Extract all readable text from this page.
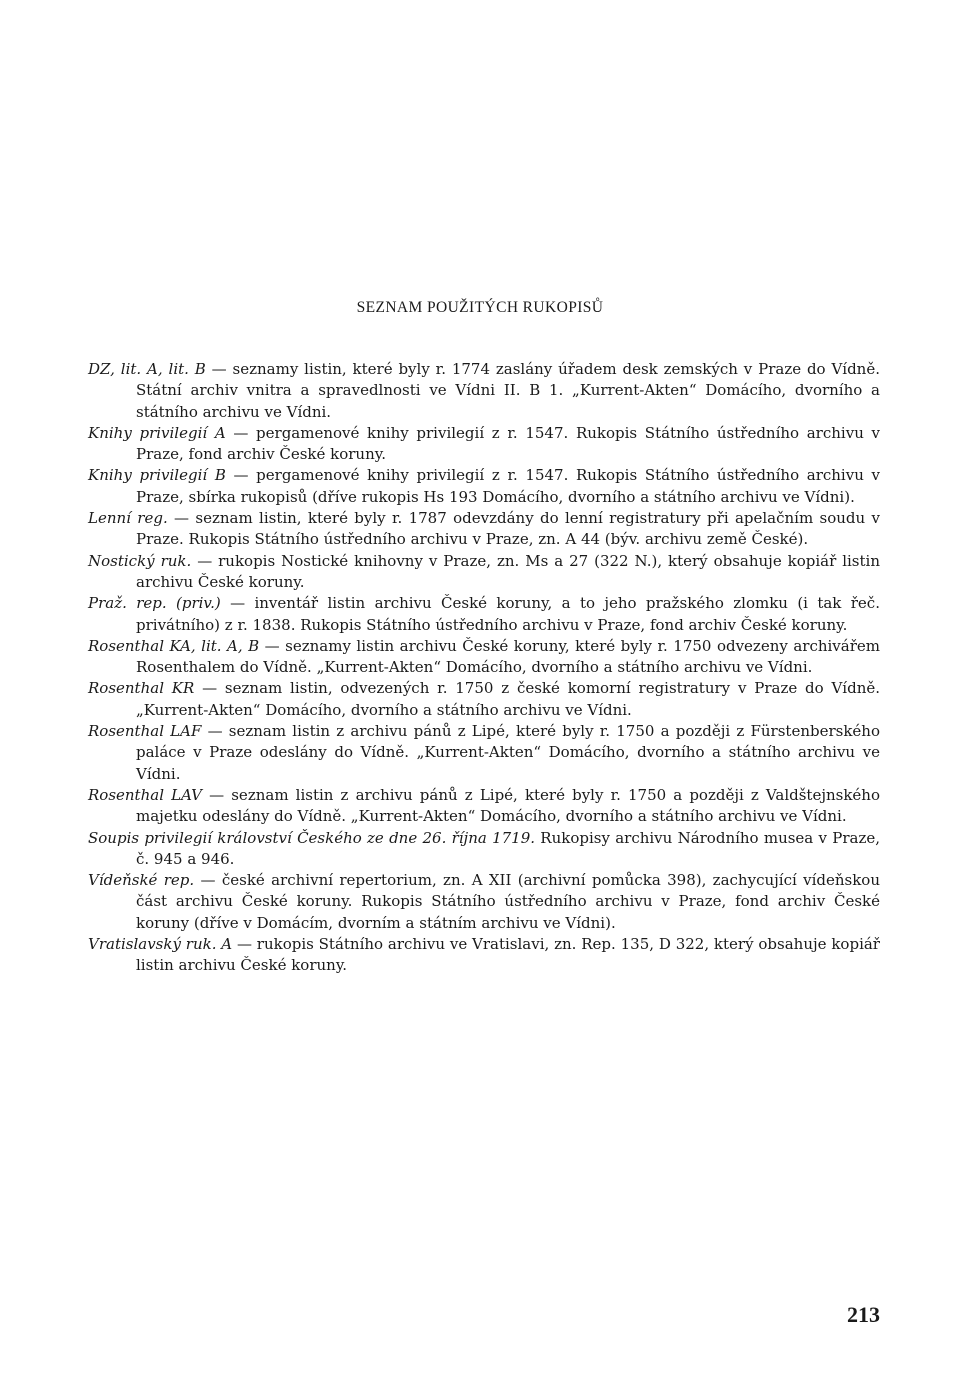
SEZNAM POUŽITÝCH RUKOPISŮ

DZ, lit. A, lit. B — seznamy listin, které byly r. 1774 zaslány úřadem desk zemských v Praze do Vídně. Státní archiv vnitra a spravedlnosti ve Vídni II. B 1. „Kurrent-Akten“ Domácího, dvorního a státního archivu ve Vídni.

Knihy privilegií A — pergamenové knihy privilegií z r. 1547. Rukopis Státního ústředního archivu v Praze, fond archiv České koruny.

Knihy privilegií B — pergamenové knihy privilegií z r. 1547. Rukopis Státního ústředního archivu v Praze, sbírka rukopisů (dříve rukopis Hs 193 Domácího, dvorního a státního archivu ve Vídni).

Lenní reg. — seznam listin, které byly r. 1787 odevzdány do lenní registratury při apelačním soudu v Praze. Rukopis Státního ústředního archivu v Praze, zn. A 44 (býv. archivu země České).

Nostický ruk. — rukopis Nostické knihovny v Praze, zn. Ms a 27 (322 N.), který obsahuje kopiář listin archivu České koruny.

Praž. rep. (priv.) — inventář listin archivu České koruny, a to jeho pražského zlomku (i tak řeč. privátního) z r. 1838. Rukopis Státního ústředního archivu v Praze, fond archiv České koruny.

Rosenthal KA, lit. A, B — seznamy listin archivu České koruny, které byly r. 1750 odvezeny archivářem Rosenthalem do Vídně. „Kurrent-Akten“ Domácího, dvorního a státního archivu ve Vídni.

Rosenthal KR — seznam listin, odvezených r. 1750 z české komorní registratury v Praze do Vídně. „Kurrent-Akten“ Domácího, dvorního a státního archivu ve Vídni.

Rosenthal LAF — seznam listin z archivu pánů z Lipé, které byly r. 1750 a později z Fürstenberského paláce v Praze odeslány do Vídně. „Kurrent-Akten“ Domácího, dvorního a státního archivu ve Vídni.

Rosenthal LAV — seznam listin z archivu pánů z Lipé, které byly r. 1750 a později z Valdštejnského majetku odeslány do Vídně. „Kurrent-Akten“ Domácího, dvorního a státního archivu ve Vídni.

Soupis privilegií království Českého ze dne 26. října 1719. Rukopisy archivu Národního musea v Praze, č. 945 a 946.

Vídeňské rep. — české archivní repertorium, zn. A XII (archivní pomůcka 398), zachycující vídeňskou část archivu České koruny. Rukopis Státního ústředního archivu v Praze, fond archiv České koruny (dříve v Domácím, dvorním a státním archivu ve Vídni).

Vratislavský ruk. A — rukopis Státního archivu ve Vratislavi, zn. Rep. 135, D 322, který obsahuje kopiář listin archivu České koruny.

213
